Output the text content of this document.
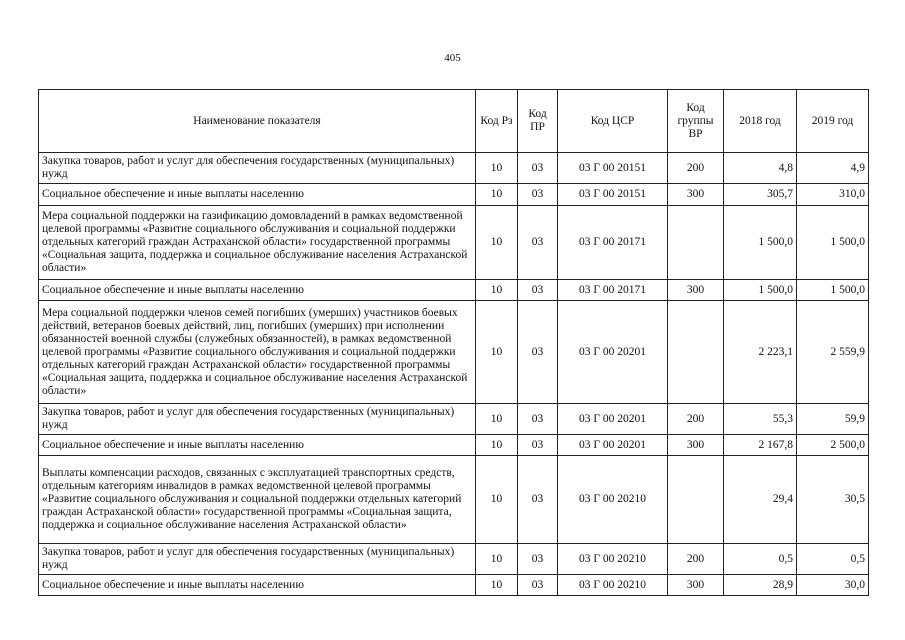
405
Наименование показателя	Код Рз	Код ПР	Код ЦСР	Код группы ВР	2018 год	2019 год
Закупка товаров, работ и услуг для обеспечения государственных (муниципальных) нужд	10	03	03 Г 00 20151	200	4,8	4,9
Социальное обеспечение и иные выплаты населению	10	03	03 Г 00 20151	300	305,7	310,0
Мера социальной поддержки на газификацию домовладений в рамках ведомственной целевой программы «Развитие социального обслуживания и социальной поддержки отдельных категорий граждан Астраханской области» государственной программы «Социальная защита, поддержка и социальное обслуживание населения Астраханской области»	10	03	03 Г 00 20171		1 500,0	1 500,0
Социальное обеспечение и иные выплаты населению	10	03	03 Г 00 20171	300	1 500,0	1 500,0
Мера социальной поддержки членов семей погибших (умерших) участников боевых действий, ветеранов боевых действий, лиц, погибших (умерших) при исполнении обязанностей военной службы (служебных обязанностей), в рамках ведомственной целевой программы «Развитие социального обслуживания и социальной поддержки отдельных категорий граждан Астраханской области» государственной программы «Социальная защита, поддержка и социальное обслуживание населения Астраханской области»	10	03	03 Г 00 20201		2 223,1	2 559,9
Закупка товаров, работ и услуг для обеспечения государственных (муниципальных) нужд	10	03	03 Г 00 20201	200	55,3	59,9
Социальное обеспечение и иные выплаты населению	10	03	03 Г 00 20201	300	2 167,8	2 500,0
Выплаты компенсации расходов, связанных с эксплуатацией транспортных средств, отдельным категориям инвалидов в рамках ведомственной целевой программы «Развитие социального обслуживания и социальной поддержки отдельных категорий граждан Астраханской области» государственной программы «Социальная защита, поддержка и социальное обслуживание населения Астраханской области»	10	03	03 Г 00 20210		29,4	30,5
Закупка товаров, работ и услуг для обеспечения государственных (муниципальных) нужд	10	03	03 Г 00 20210	200	0,5	0,5
Социальное обеспечение и иные выплаты населению	10	03	03 Г 00 20210	300	28,9	30,0
